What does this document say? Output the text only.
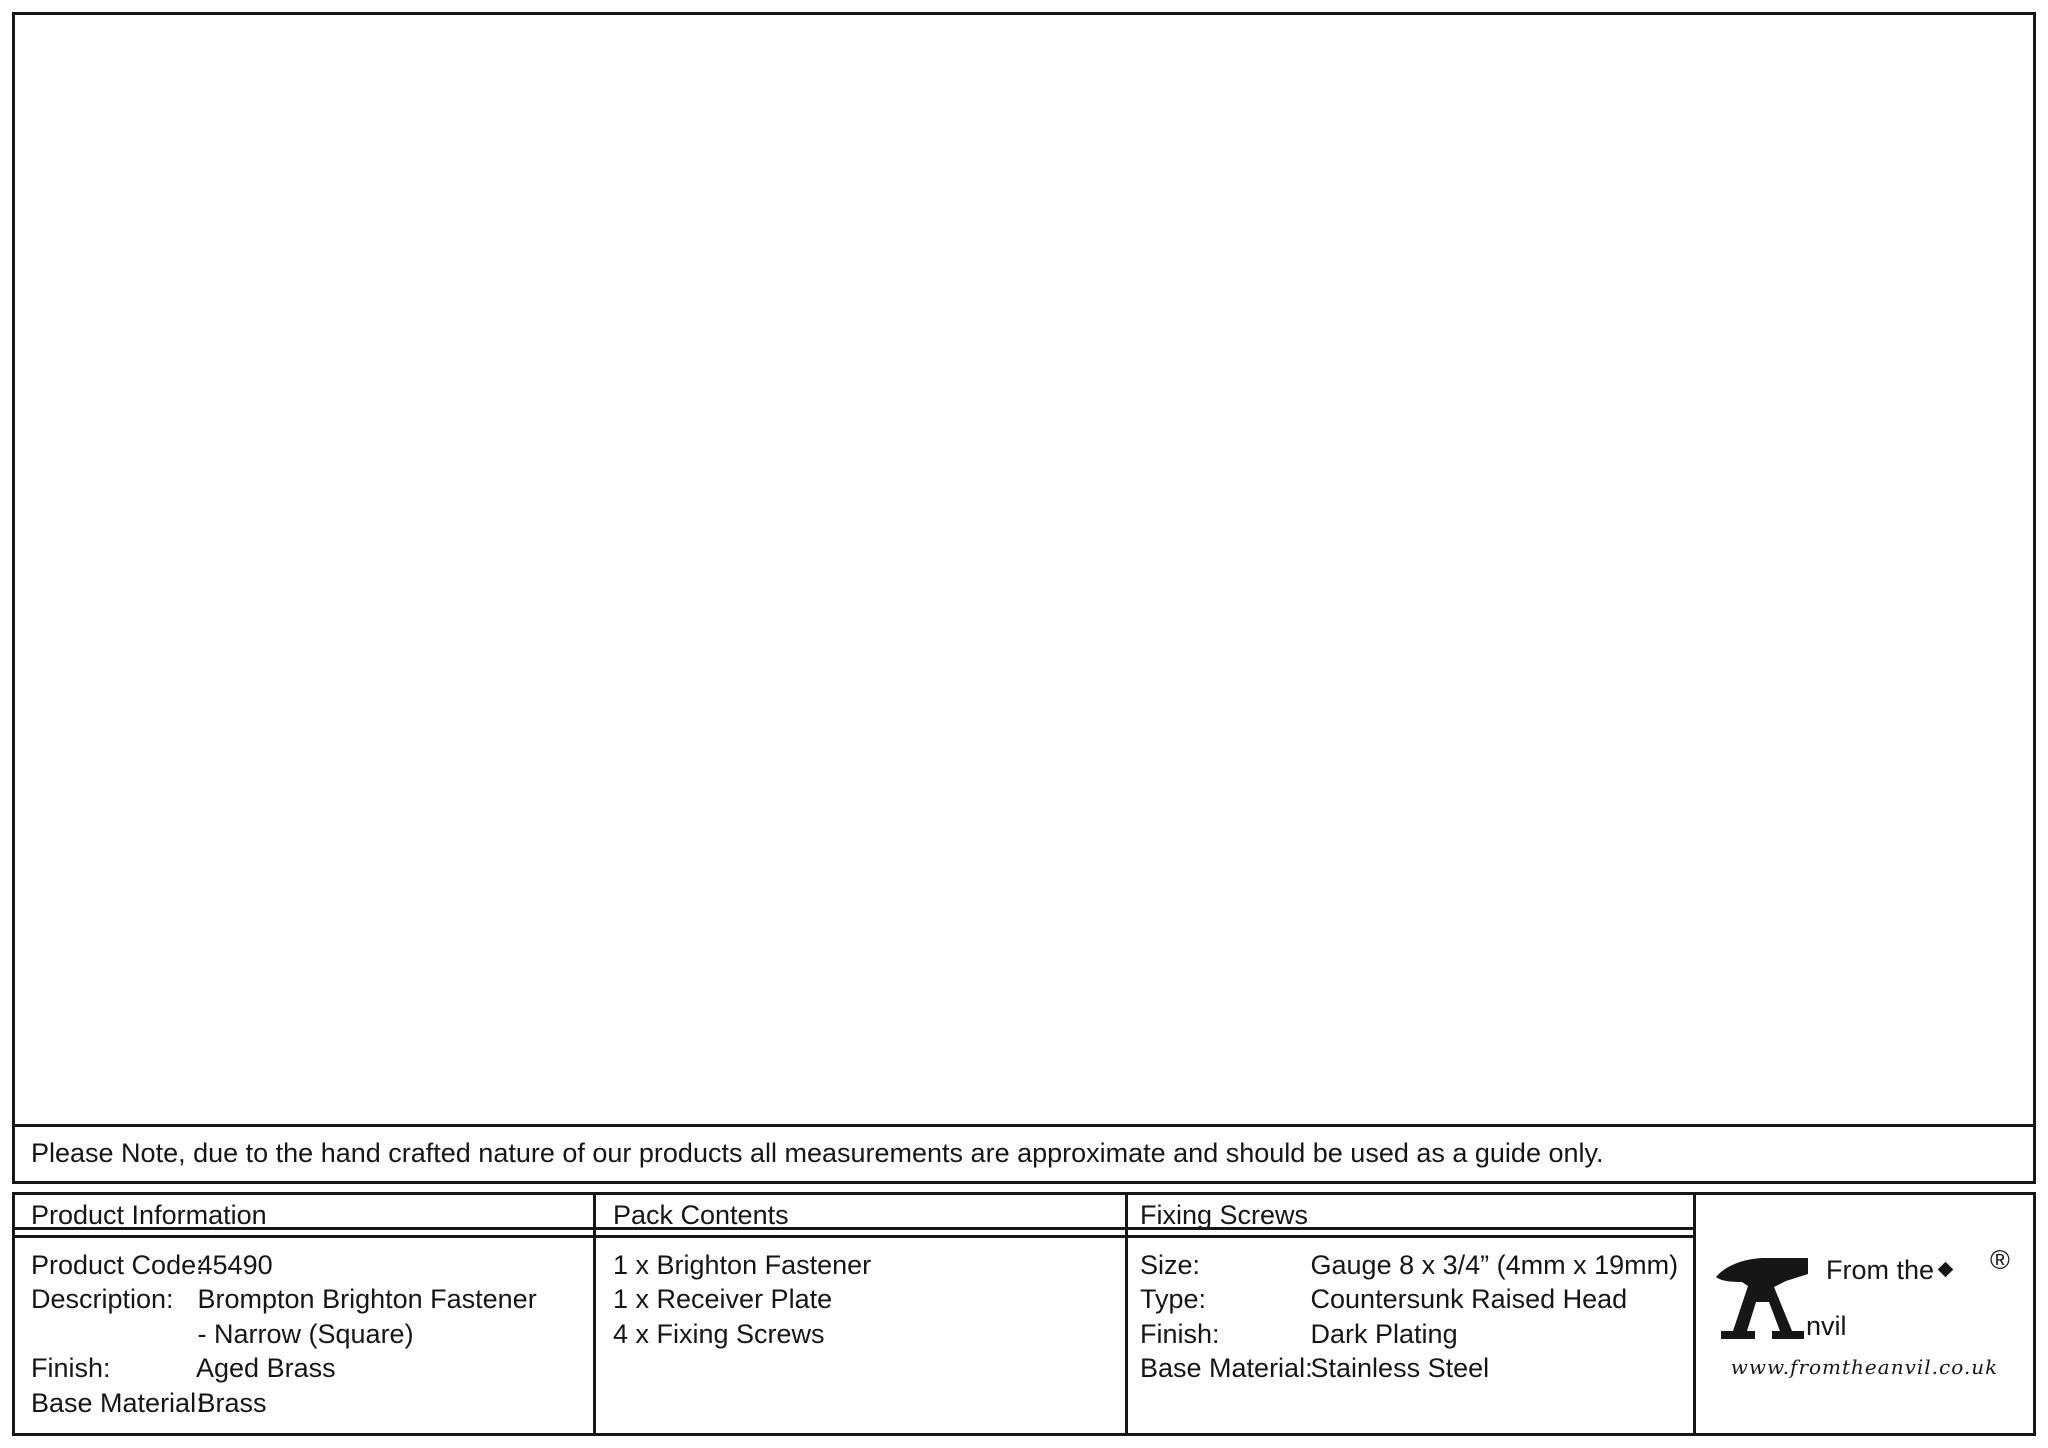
Please Note, due to the hand crafted nature of our products all measurements are approximate and should be used as a guide only.
Product Information	Pack Contents	Fixing Screws
Product Code: 45490
Description: Brompton Brighton Fastener
- Narrow (Square)
Finish:	Aged Brass
Base Material: Brass
1 x Brighton Fastener
1 x Receiver Plate
4 x Fixing Screws
Size:	Gauge 8 x 3/4” (4mm x 19mm)
Type:	Countersunk Raised Head
Finish:	Dark Plating
Base Material: Stainless Steel
From the
nvil
®
www.fromtheanvil.co.uk
